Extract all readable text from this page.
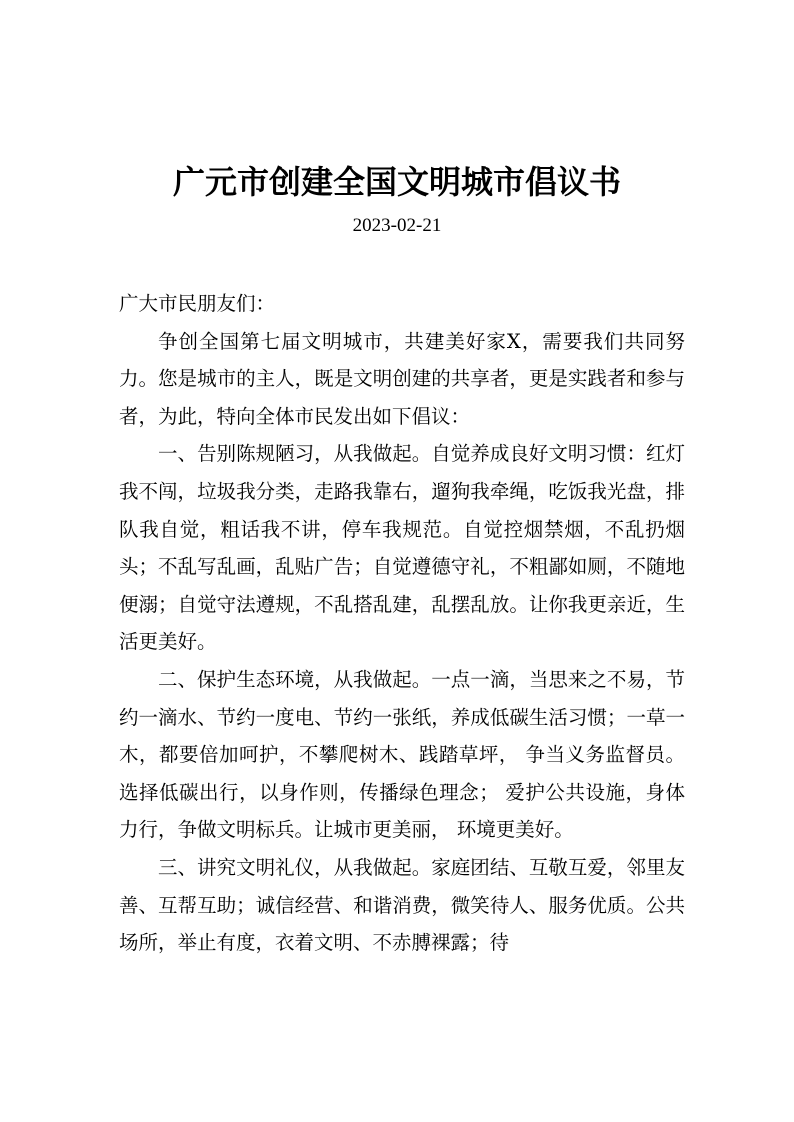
广元市创建全国文明城市倡议书
2023-02-21

广大市民朋友们：

争创全国第七届文明城市，共建美好家X，需要我们共同努力。您是城市的主人，既是文明创建的共享者，更是实践者和参与者，为此，特向全体市民发出如下倡议：

一、告别陈规陋习，从我做起。自觉养成良好文明习惯：红灯我不闯，垃圾我分类，走路我靠右，遛狗我牵绳，吃饭我光盘，排队我自觉，粗话我不讲，停车我规范。自觉控烟禁烟，不乱扔烟头；不乱写乱画，乱贴广告；自觉遵德守礼，不粗鄙如厕，不随地便溺；自觉守法遵规，不乱搭乱建，乱摆乱放。让你我更亲近，生活更美好。

二、保护生态环境，从我做起。一点一滴，当思来之不易，节约一滴水、节约一度电、节约一张纸，养成低碳生活习惯；一草一木，都要倍加呵护，不攀爬树木、践踏草坪， 争当义务监督员。选择低碳出行，以身作则，传播绿色理念； 爱护公共设施，身体力行，争做文明标兵。让城市更美丽， 环境更美好。

三、讲究文明礼仪，从我做起。家庭团结、互敬互爱，邻里友善、互帮互助；诚信经营、和谐消费，微笑待人、服务优质。公共场所，举止有度，衣着文明、不赤膊裸露；待
